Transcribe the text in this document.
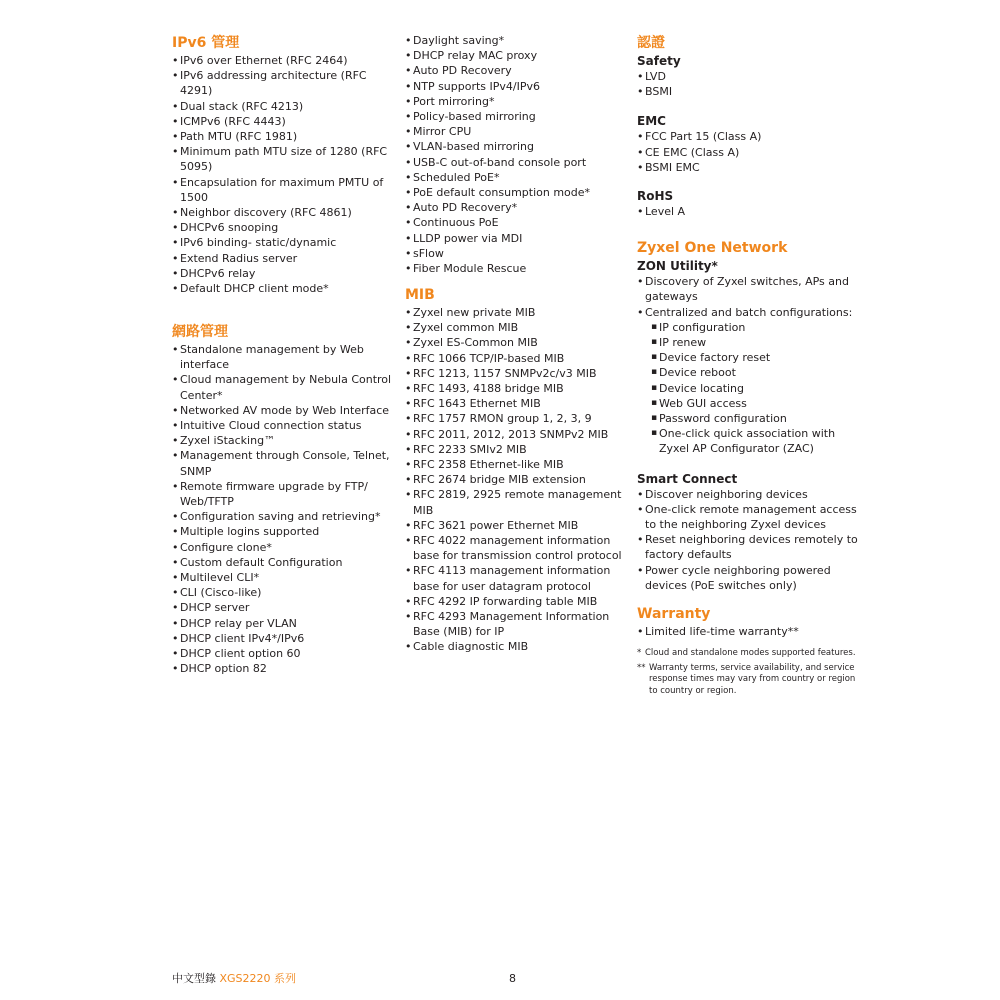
IPv6 管理
• IPv6 over Ethernet (RFC 2464)
• IPv6 addressing architecture (RFC 4291)
• Dual stack (RFC 4213)
• ICMPv6 (RFC 4443)
• Path MTU (RFC 1981)
• Minimum path MTU size of 1280 (RFC 5095)
• Encapsulation for maximum PMTU of 1500
• Neighbor discovery (RFC 4861)
• DHCPv6 snooping
• IPv6 binding- static/dynamic
• Extend Radius server
• DHCPv6 relay
• Default DHCP client mode*
網路管理
• Standalone management by Web interface
• Cloud management by Nebula Control Center*
• Networked AV mode by Web Interface
• Intuitive Cloud connection status
• Zyxel iStacking™
• Management through Console, Telnet, SNMP
• Remote firmware upgrade by FTP/ Web/TFTP
• Configuration saving and retrieving*
• Multiple logins supported
• Configure clone*
• Custom default Configuration
• Multilevel CLI*
• CLI (Cisco-like)
• DHCP server
• DHCP relay per VLAN
• DHCP client IPv4*/IPv6
• DHCP client option 60
• DHCP option 82
• Daylight saving*
• DHCP relay MAC proxy
• Auto PD Recovery
• NTP supports IPv4/IPv6
• Port mirroring*
• Policy-based mirroring
• Mirror CPU
• VLAN-based mirroring
• USB-C out-of-band console port
• Scheduled PoE*
• PoE default consumption mode*
• Auto PD Recovery*
• Continuous PoE
• LLDP power via MDI
• sFlow
• Fiber Module Rescue
MIB
• Zyxel new private MIB
• Zyxel common MIB
• Zyxel ES-Common MIB
• RFC 1066 TCP/IP-based MIB
• RFC 1213, 1157 SNMPv2c/v3 MIB
• RFC 1493, 4188 bridge MIB
• RFC 1643 Ethernet MIB
• RFC 1757 RMON group 1, 2, 3, 9
• RFC 2011, 2012, 2013 SNMPv2 MIB
• RFC 2233 SMIv2 MIB
• RFC 2358 Ethernet-like MIB
• RFC 2674 bridge MIB extension
• RFC 2819, 2925 remote management MIB
• RFC 3621 power Ethernet MIB
• RFC 4022 management information base for transmission control protocol
• RFC 4113 management information base for user datagram protocol
• RFC 4292 IP forwarding table MIB
• RFC 4293 Management Information Base (MIB) for IP
• Cable diagnostic MIB
認證
Safety
• LVD
• BSMI
EMC
• FCC Part 15 (Class A)
• CE EMC (Class A)
• BSMI EMC
RoHS
• Level A
Zyxel One Network
ZON Utility*
• Discovery of Zyxel switches, APs and gateways
• Centralized and batch configurations:
▪ IP configuration
▪ IP renew
▪ Device factory reset
▪ Device reboot
▪ Device locating
▪ Web GUI access
▪ Password configuration
▪ One-click quick association with Zyxel AP Configurator (ZAC)
Smart Connect
• Discover neighboring devices
• One-click remote management access to the neighboring Zyxel devices
• Reset neighboring devices remotely to factory defaults
• Power cycle neighboring powered devices (PoE switches only)
Warranty
• Limited life-time warranty**
* Cloud and standalone modes supported features.
** Warranty terms, service availability, and service response times may vary from country or region to country or region.
中文型錄 XGS2220 系列	8
